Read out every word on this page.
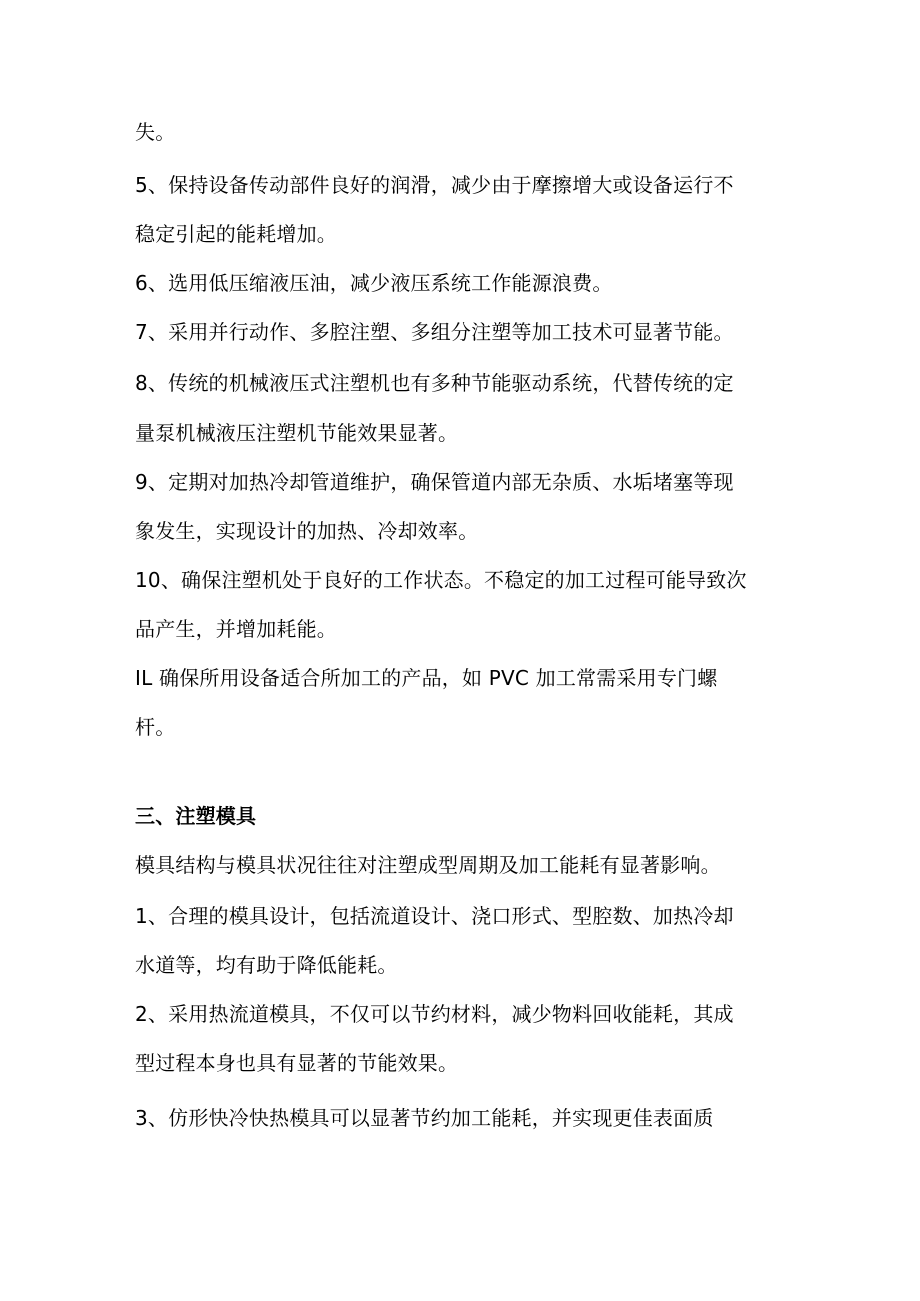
失。
5、保持设备传动部件良好的润滑，减少由于摩擦增大或设备运行不
稳定引起的能耗增加。
6、选用低压缩液压油，减少液压系统工作能源浪费。
7、采用并行动作、多腔注塑、多组分注塑等加工技术可显著节能。
8、传统的机械液压式注塑机也有多种节能驱动系统，代替传统的定
量泵机械液压注塑机节能效果显著。
9、定期对加热冷却管道维护，确保管道内部无杂质、水垢堵塞等现
象发生，实现设计的加热、冷却效率。
10、确保注塑机处于良好的工作状态。不稳定的加工过程可能导致次
品产生，并增加耗能。
IL 确保所用设备适合所加工的产品，如 PVC 加工常需采用专门螺
杆。
三、注塑模具
模具结构与模具状况往往对注塑成型周期及加工能耗有显著影响。
1、合理的模具设计，包括流道设计、浇口形式、型腔数、加热冷却
水道等，均有助于降低能耗。
2、采用热流道模具，不仅可以节约材料，减少物料回收能耗，其成
型过程本身也具有显著的节能效果。
3、仿形快冷快热模具可以显著节约加工能耗，并实现更佳表面质
